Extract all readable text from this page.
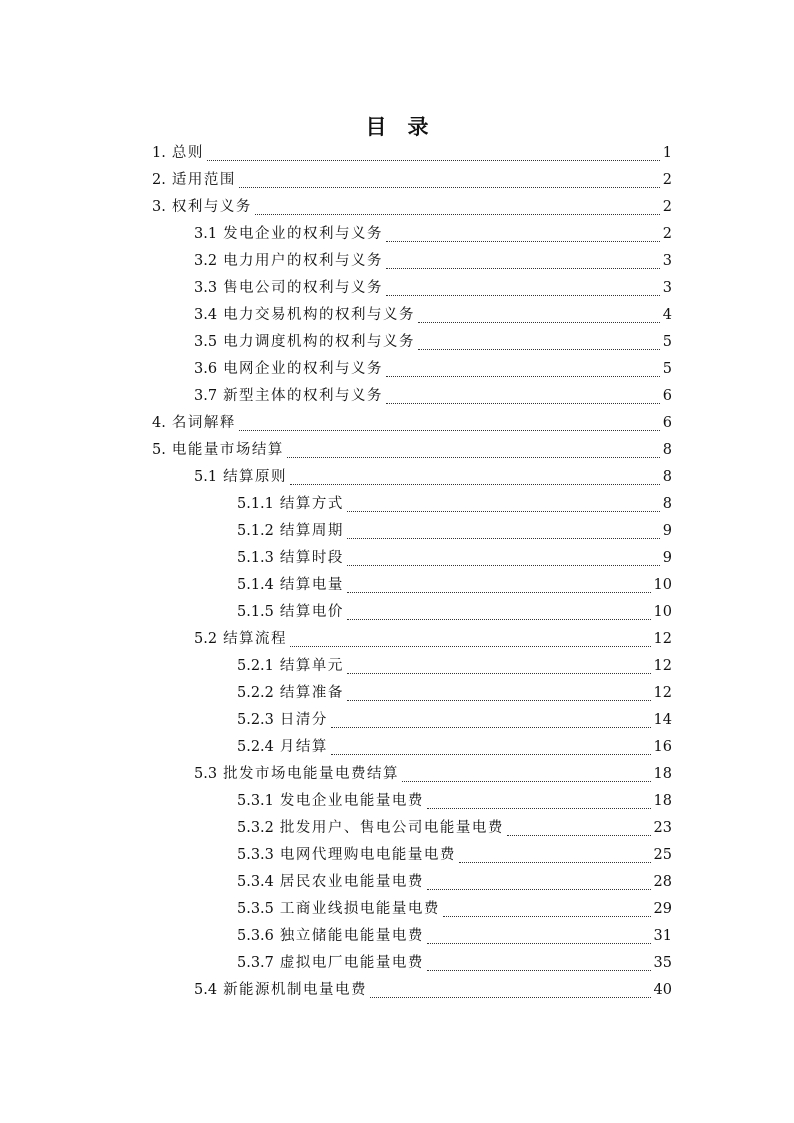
目　录
1. 总则	1
2. 适用范围	2
3. 权利与义务	2
3.1 发电企业的权利与义务	2
3.2 电力用户的权利与义务	3
3.3 售电公司的权利与义务	3
3.4 电力交易机构的权利与义务	4
3.5 电力调度机构的权利与义务	5
3.6 电网企业的权利与义务	5
3.7 新型主体的权利与义务	6
4. 名词解释	6
5. 电能量市场结算	8
5.1 结算原则	8
5.1.1 结算方式	8
5.1.2 结算周期	9
5.1.3 结算时段	9
5.1.4 结算电量	10
5.1.5 结算电价	10
5.2 结算流程	12
5.2.1 结算单元	12
5.2.2 结算准备	12
5.2.3 日清分	14
5.2.4 月结算	16
5.3 批发市场电能量电费结算	18
5.3.1 发电企业电能量电费	18
5.3.2 批发用户、售电公司电能量电费	23
5.3.3 电网代理购电电能量电费	25
5.3.4 居民农业电能量电费	28
5.3.5 工商业线损电能量电费	29
5.3.6 独立储能电能量电费	31
5.3.7 虚拟电厂电能量电费	35
5.4 新能源机制电量电费	40
